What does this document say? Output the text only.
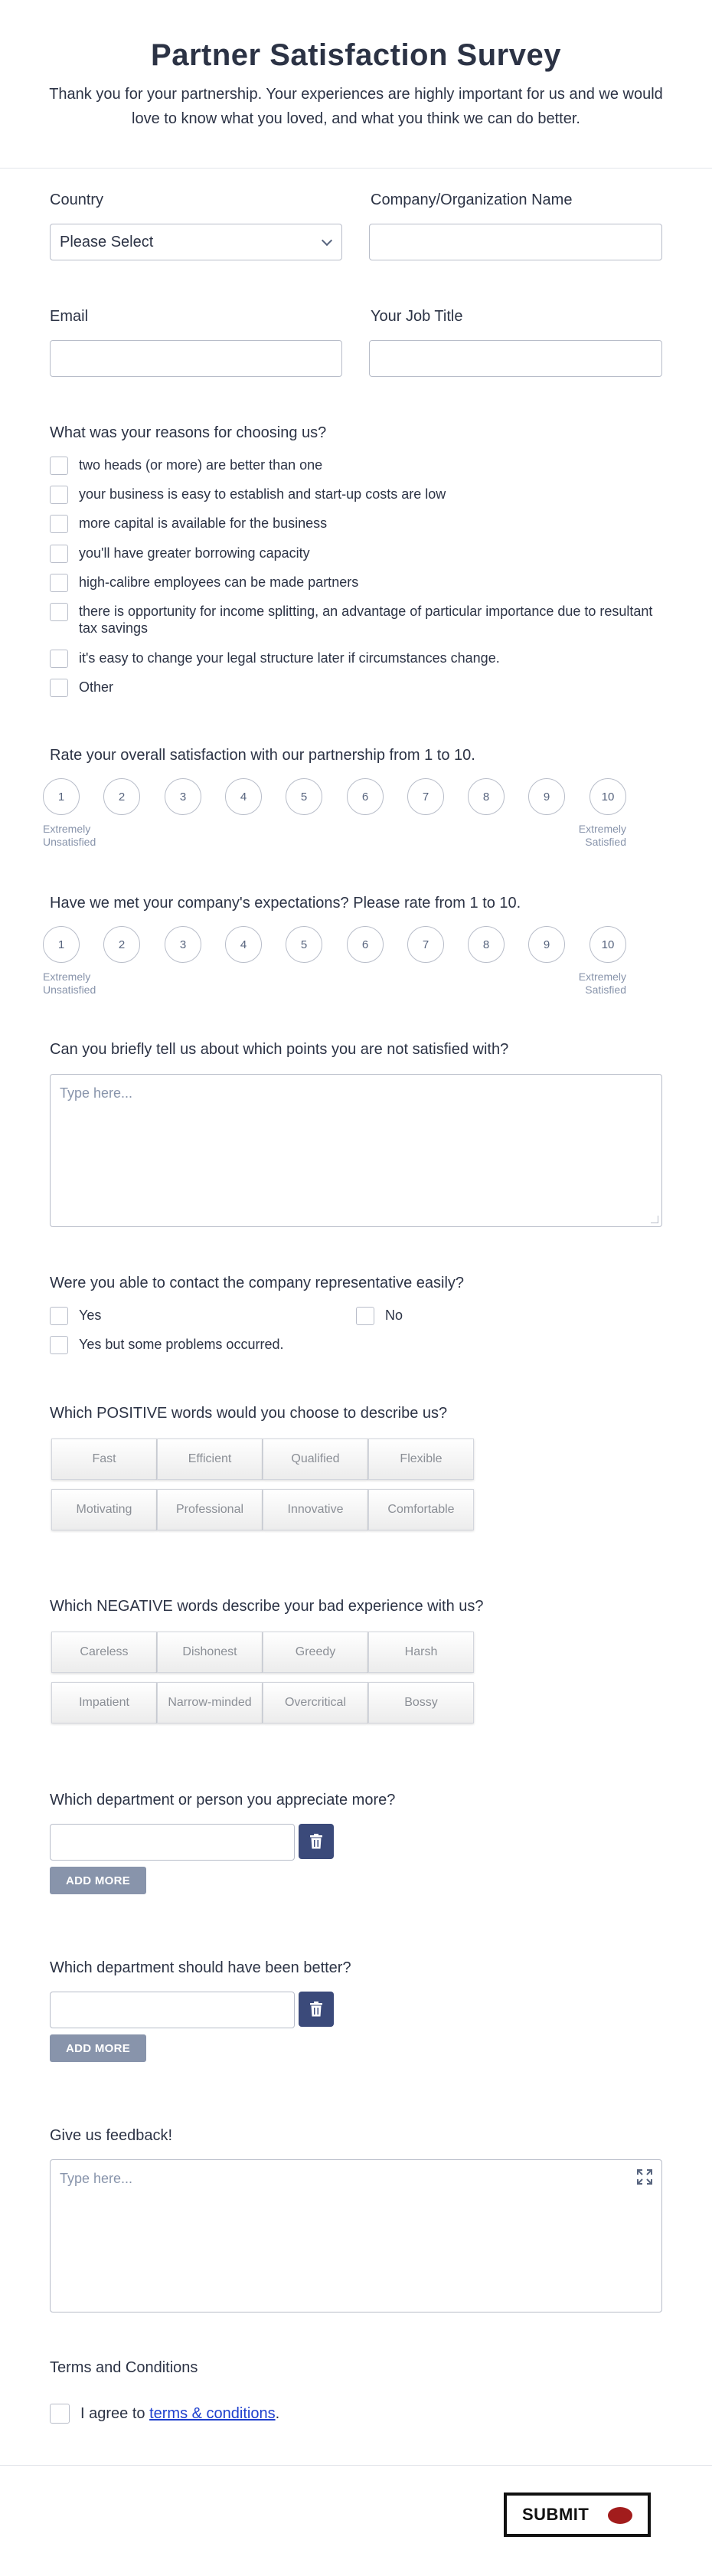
Partner Satisfaction Survey
Thank you for your partnership. Your experiences are highly important for us and we would love to know what you loved, and what you think we can do better.
Country
Please Select
Company/Organization Name
Email	Your Job Title
What was your reasons for choosing us?
two heads (or more) are better than one
your business is easy to establish and start-up costs are low
more capital is available for the business
you'll have greater borrowing capacity
high-calibre employees can be made partners
there is opportunity for income splitting, an advantage of particular importance due to resultant tax savings
it's easy to change your legal structure later if circumstances change.
Other
Rate your overall satisfaction with our partnership from 1 to 10.
1	2	3	4	5	6	7	8	9	10
Extremely Unsatisfied
Extremely Satisfied
Have we met your company's expectations? Please rate from 1 to 10.
1	2	3	4	5	6	7	8	9	10
Extremely Unsatisfied
Extremely Satisfied
Can you briefly tell us about which points you are not satisfied with?
Type here...
Were you able to contact the company representative easily?
Yes	No
Yes but some problems occurred.
Which POSITIVE words would you choose to describe us?
Fast	Efficient	Qualified	Flexible
Motivating	Professional	Innovative	Comfortable
Which NEGATIVE words describe your bad experience with us?
Careless	Dishonest	Greedy	Harsh
Impatient	Narrow-minded	Overcritical	Bossy
Which department or person you appreciate more?
ADD MORE
Which department should have been better?
ADD MORE
Give us feedback!
Type here...
Terms and Conditions
I agree to terms & conditions.
SUBMIT
